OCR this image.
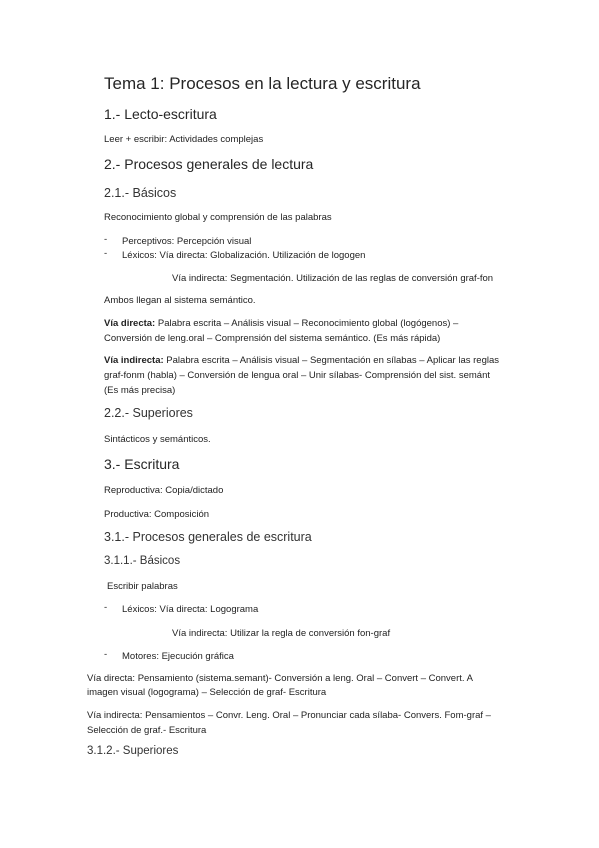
Tema 1: Procesos en la lectura y escritura
1.- Lecto-escritura
Leer + escribir: Actividades complejas
2.- Procesos generales de lectura
2.1.- Básicos
Reconocimiento global y comprensión de las palabras
- Perceptivos: Percepción visual
- Léxicos: Vía directa: Globalización. Utilización de logogen
Vía indirecta: Segmentación. Utilización de las reglas de conversión graf-fon
Ambos llegan al sistema semántico.
Vía directa: Palabra escrita – Análisis visual – Reconocimiento global (logógenos) –
Conversión de leng.oral – Comprensión del sistema semántico. (Es más rápida)
Vía indirecta: Palabra escrita – Análisis visual – Segmentación en sílabas – Aplicar las reglas
graf-fonm (habla) – Conversión de lengua oral – Unir sílabas- Comprensión del sist. semánt
(Es más precisa)
2.2.- Superiores
Sintácticos y semánticos.
3.- Escritura
Reproductiva: Copia/dictado
Productiva: Composición
3.1.- Procesos generales de escritura
3.1.1.- Básicos
Escribir palabras
- Léxicos: Vía directa: Logograma
Vía indirecta: Utilizar la regla de conversión fon-graf
- Motores: Ejecución gráfica
Vía directa: Pensamiento (sistema.semant)- Conversión a leng. Oral – Convert – Convert. A
imagen visual (logograma) – Selección de graf- Escritura
Vía indirecta: Pensamientos – Convr. Leng. Oral – Pronunciar cada sílaba- Convers. Fom-graf –
Selección de graf.- Escritura
3.1.2.- Superiores
